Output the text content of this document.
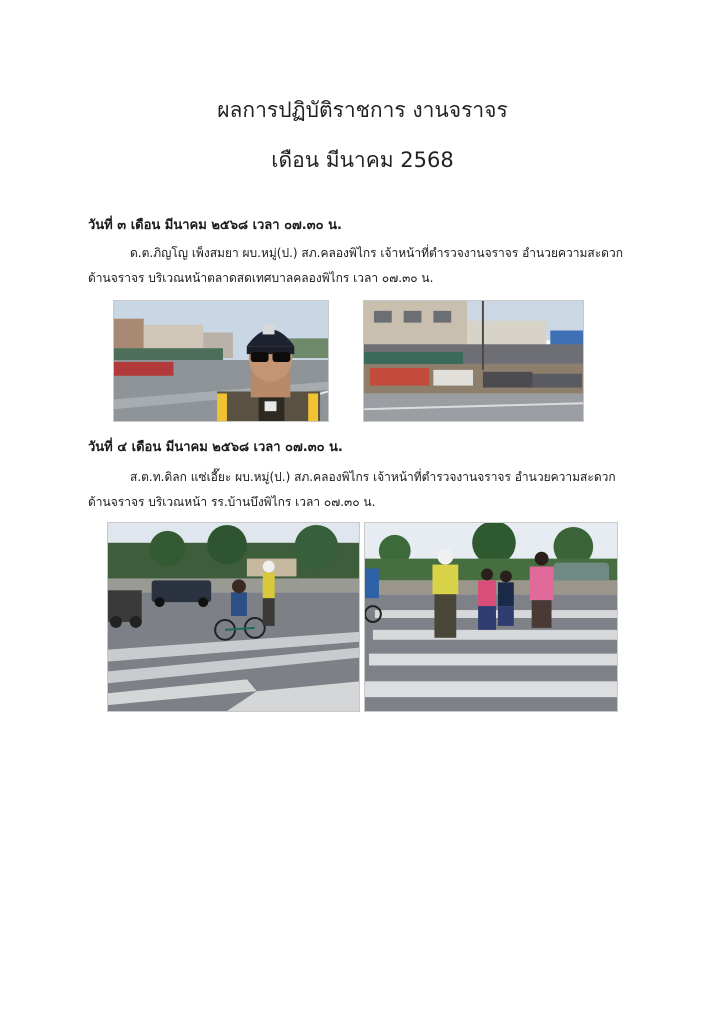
ผลการปฏิบัติราชการ งานจราจร
เดือน มีนาคม 2568
วันที่ ๓ เดือน มีนาคม ๒๕๖๘ เวลา ๐๗.๓๐ น.
ด.ต.ภิญโญ เพ็งสมยา ผบ.หมู่(ป.) สภ.คลองพิไกร เจ้าหน้าที่ตำรวจงานจราจร อำนวยความสะดวก
ด้านจราจร บริเวณหน้าตลาดสดเทศบาลคลองพิไกร เวลา ๐๗.๓๐ น.
วันที่ ๔ เดือน มีนาคม ๒๕๖๘ เวลา ๐๗.๓๐ น.
ส.ต.ท.ดิลก แซ่เอี๊ยะ ผบ.หมู่(ป.) สภ.คลองพิไกร เจ้าหน้าที่ตำรวจงานจราจร อำนวยความสะดวก
ด้านจราจร บริเวณหน้า รร.บ้านบึงพิไกร เวลา ๐๗.๓๐ น.
